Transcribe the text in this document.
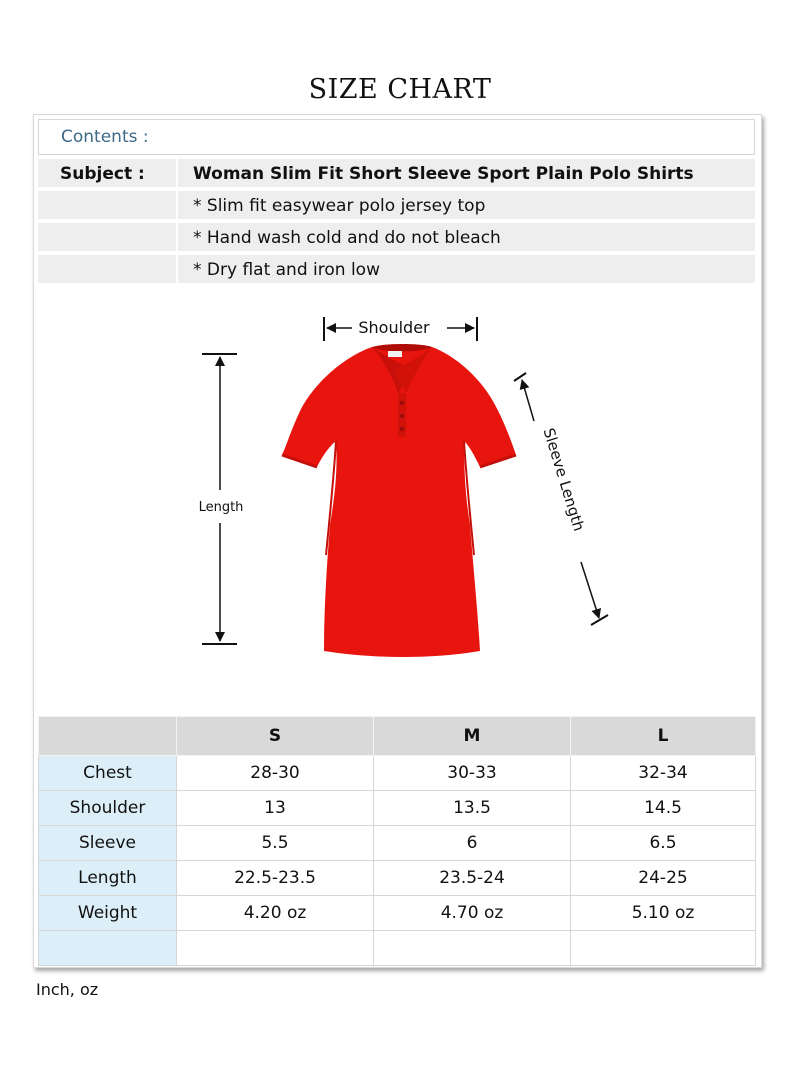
SIZE CHART
Contents :
Subject :	Woman Slim Fit Short Sleeve Sport Plain Polo Shirts
* Slim fit easywear polo jersey top
* Hand wash cold and do not bleach
* Dry flat and iron low
Shoulder
Length	Sleeve Length
	S	M	L
Chest	28-30	30-33	32-34
Shoulder	13	13.5	14.5
Sleeve	5.5	6	6.5
Length	22.5-23.5	23.5-24	24-25
Weight	4.20 oz	4.70 oz	5.10 oz

Inch, oz
